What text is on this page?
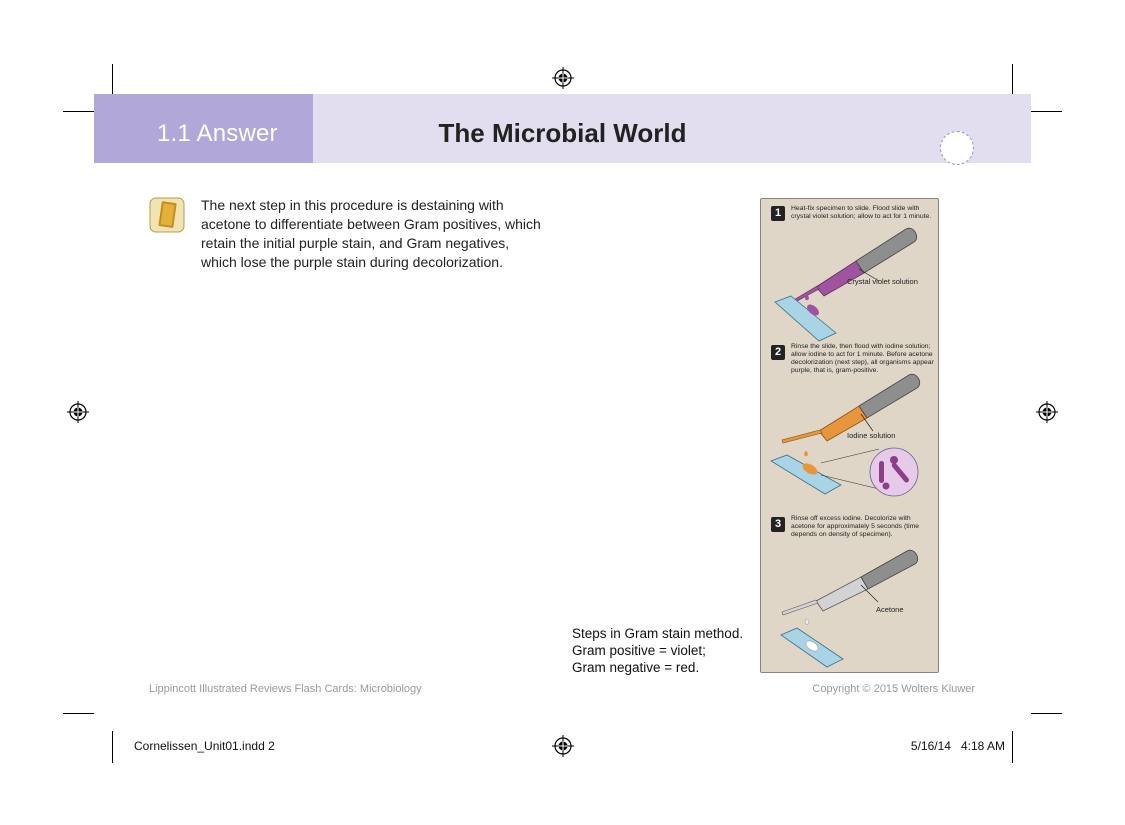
1.1 Answer	The Microbial World
The next step in this procedure is destaining with acetone to differentiate between Gram positives, which retain the initial purple stain, and Gram negatives, which lose the purple stain during decolorization.
Steps in Gram stain method.
Gram positive = violet;
Gram negative = red.
1	Heat-fix specimen to slide. Flood slide with crystal violet solution; allow to act for 1 minute.
Crystal violet solution
2	Rinse the slide, then flood with iodine solution; allow iodine to act for 1 minute. Before acetone decolorization (next step), all organisms appear purple, that is, gram-positive.
Iodine solution
3	Rinse off excess iodine. Decolorize with acetone for approximately 5 seconds (time depends on density of specimen).
Acetone
Lippincott Illustrated Reviews Flash Cards: Microbiology	Copyright © 2015 Wolters Kluwer
Cornelissen_Unit01.indd 2	5/16/14   4:18 AM
